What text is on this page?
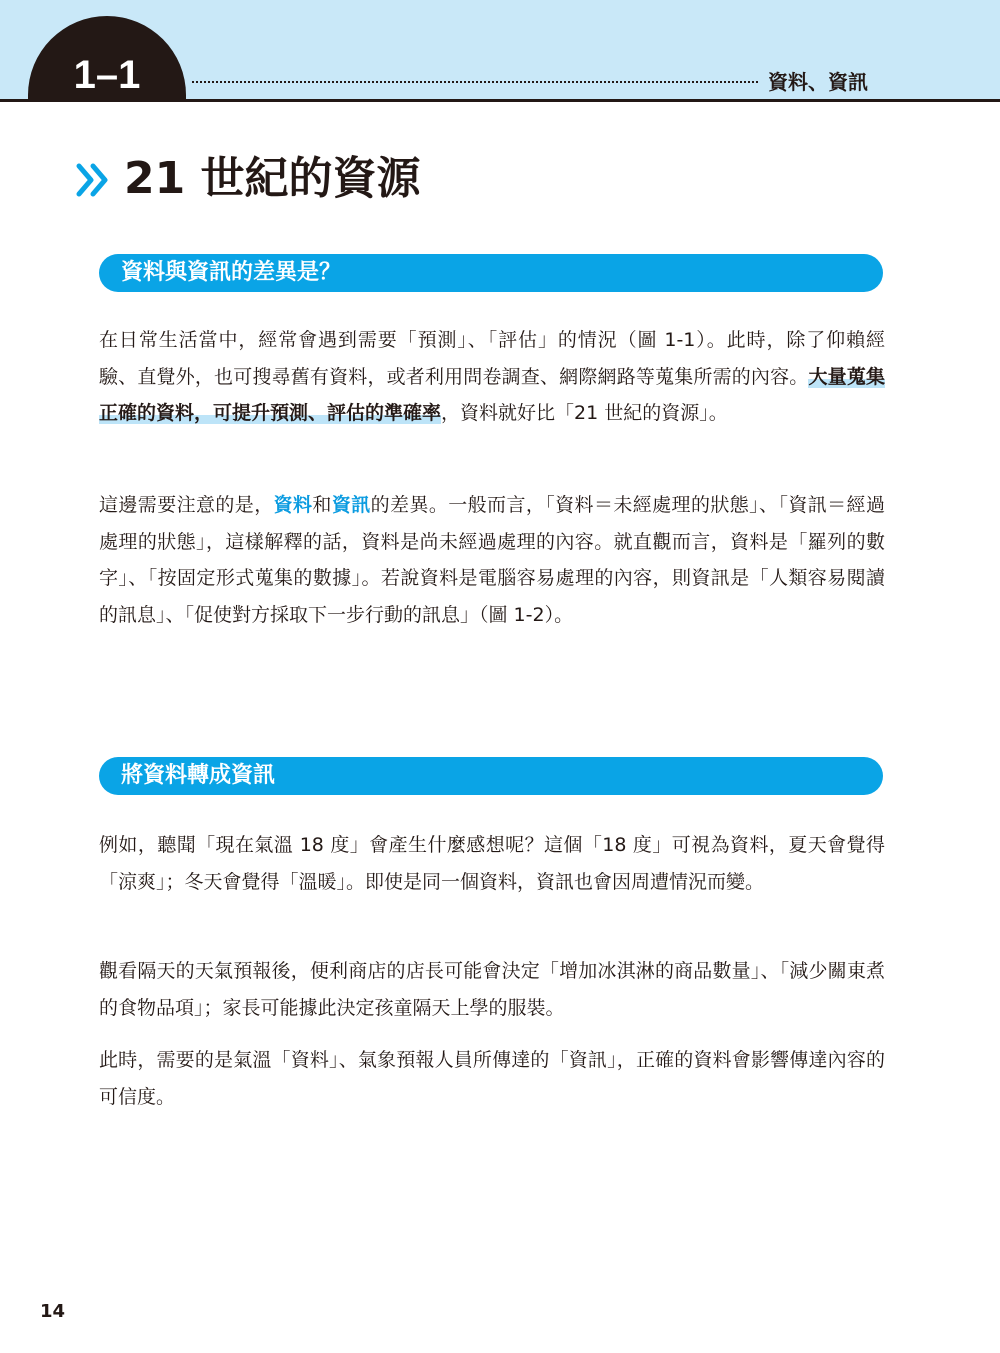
1–1	資料、資訊
21 世紀的資源
資料與資訊的差異是？

在日常生活當中，經常會遇到需要「預測」、「評估」的情況（圖 1-1）。此時，除了仰賴經驗、直覺外，也可搜尋舊有資料，或者利用問卷調查、網際網路等蒐集所需的內容。大量蒐集正確的資料，可提升預測、評估的準確率，資料就好比「21 世紀的資源」。

這邊需要注意的是，資料和資訊的差異。一般而言，「資料＝未經處理的狀態」、「資訊＝經過處理的狀態」，這樣解釋的話，資料是尚未經過處理的內容。就直觀而言，資料是「羅列的數字」、「按固定形式蒐集的數據」。若說資料是電腦容易處理的內容，則資訊是「人類容易閱讀的訊息」、「促使對方採取下一步行動的訊息」（圖 1-2）。

將資料轉成資訊

例如，聽聞「現在氣溫 18 度」會產生什麼感想呢？這個「18 度」可視為資料，夏天會覺得「涼爽」；冬天會覺得「溫暖」。即使是同一個資料，資訊也會因周遭情況而變。

觀看隔天的天氣預報後，便利商店的店長可能會決定「增加冰淇淋的商品數量」、「減少關東煮的食物品項」；家長可能據此決定孩童隔天上學的服裝。

此時，需要的是氣溫「資料」、氣象預報人員所傳達的「資訊」，正確的資料會影響傳達內容的可信度。

14
